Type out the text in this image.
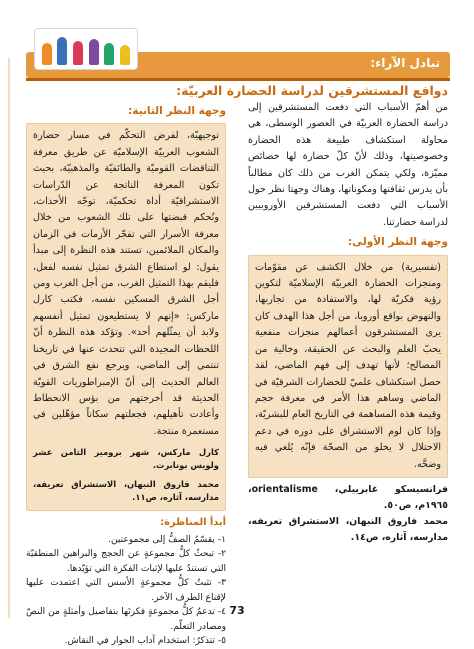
تبادل الآراء:
دوافع المستشرقين لدراسة الحضارة العربيّة:

من أهمّ الأسباب التي دفعت المستشرقين إلى دراسة الحضارة العربيّة في العصور الوسطى، هي محاولة استكشاف طبيعة هذه الحضارة وخصوصيتها، وذلك لأنّ كلّ حضارة لها خصائص مميّزة، ولكي يتمكن الغرب من ذلك كان مطالباً بأن يدرس ثقافتها ومكوناتها، وهناك وجهتا نظر حول الأسباب التي دفعت المستشرقين الأوروبيين لدراسة حضارتنا.

وجهة النظر الأولى:

(تفسيرية) من خلال الكشف عن مقوّمات ومنجزات الحضارة العربيّة الإسلاميّة لتكوين رؤية فكريّة لها، والاستفادة من تجاربها، والنهوض بواقع أوروبا، من أجل هذا الهدف كان يرى المستشرقون أعمالهم منجزات منفعية يحبّ العلم والبحث عن الحقيقة، وخالية من المصالح؛ لأنها تهدف إلى فهم الماضي، لقد حصل استكشاف علميّ للحضارات الشرقيّة في الماضي وساهم هذا الأمر في معرفة حجم وقيمة هذه المساهمة في التاريخ العام للبشريّة، وإذا كان لوم الاستشراق على دوره في دعم الاحتلال لا يخلو من الصحّة فإنّه يُلغي فيه وضحَّه.

فرانسيسكو غابرييلي، orientalisme، ١٩٦٥م، ص٥٠.

محمد فاروق النبهان، الاستشراق تعريفه، مدارسه، آثاره، ص١٤.

وجهة النظر الثانية:

توجيهيّة، لفرض التحكّم في مسار حضارة الشعوب العربيّة الإسلاميّة عن طريق معرفة التناقضات القوميّة والطائفيّة والمذهبيّة، بحيث تكون المعرفة الناتجة عن الدّراسات الاستشراقيّة أداة تحكميّة، توجّه الأحداث، وتُحكم قبضتها على تلك الشعوب من خلال معرفة الأسرار التي تفجّر الأزمات في الزمان والمكان الملائمين، تستند هذه النظرة إلى مبدأ يقول: لو استطاع الشرق تمثيل نفسه لفعل، فليقم بهذا التمثيل الغرب، من أجل الغرب ومن أجل الشرق المسكين نفسه، فكتب كارل ماركس: «إنهم لا يستطيعون تمثيل أنفسهم ولابد أن يمثّلهم أحد». وتؤكد هذه النظرة أنّ اللحظات المجيدة التي تتحدث عنها في تاريخنا تنتمي إلى الماضي، ويرجع نفع الشرق في العالم الحديث إلى أنّ الإمبراطوريات القويّة الحديثة قد أخرجتهم من بؤس الانحطاط وأعادت تأهيلهم، فجعلتهم سكاناً مؤهّلين في مستعمرة منتجة.

كارل ماركس، شهر برومير الثامن عشر ولويس بونابرت.

محمد فاروق النبهان، الاستشراق تعريفه، مدارسه، آثاره، ص١١.

أبدأ المناظرة:

١- يقسّمُ الصفُّ إلى مجموعتين.

٢- تبحثُ كلُّ مجموعةٍ عن الحجج والبراهين المنطقيّة التي تستندُ عليها لإثبات الفكرة التي تؤيّدها.

٣- تثبتُ كلُّ مجموعةٍ الأسس التي اعتمدت عليها لإقناع الطرف الآخر.

٤- تدعمُ كلُّ مجموعةٍ فكرتَها بتفاصيل وأمثلةٍ من النصّ ومصادر التعلّم.

٥- تتذكرُ: استخدام آداب الحوار في النقاش.

73
